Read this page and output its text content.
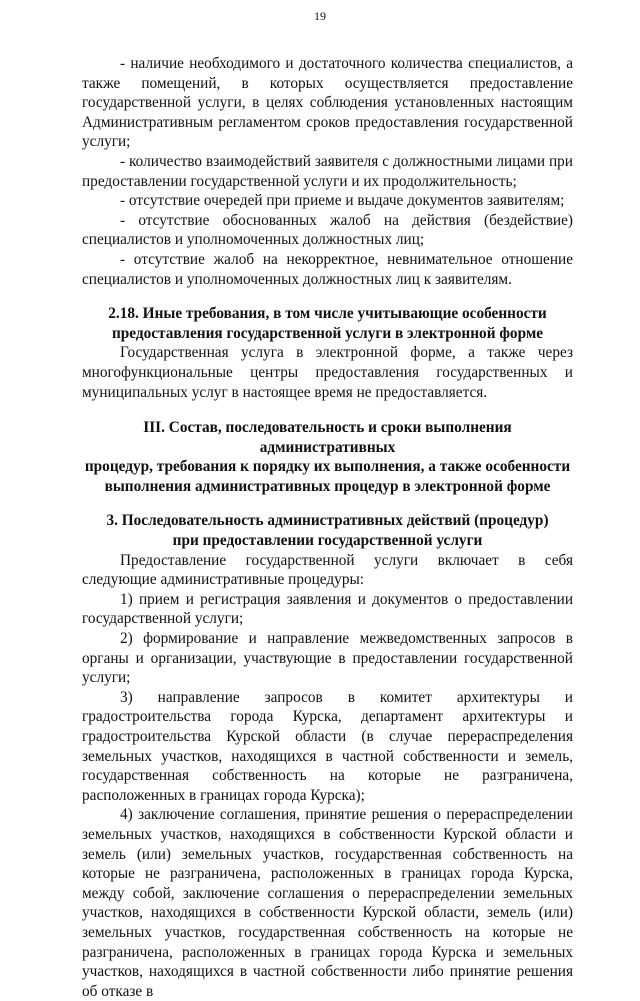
19

- наличие необходимого и достаточного количества специалистов, а также помещений, в которых осуществляется предоставление государственной услуги, в целях соблюдения установленных настоящим Административным регламентом сроков предоставления государственной услуги;

- количество взаимодействий заявителя с должностными лицами при предоставлении государственной услуги и их продолжительность;

- отсутствие очередей при приеме и выдаче документов заявителям;

- отсутствие обоснованных жалоб на действия (бездействие) специалистов и уполномоченных должностных лиц;

- отсутствие жалоб на некорректное, невнимательное отношение специалистов и уполномоченных должностных лиц к заявителям.

2.18. Иные требования, в том числе учитывающие особенности

предоставления государственной услуги в электронной форме

Государственная услуга в электронной форме, а также через многофункциональные центры предоставления государственных и муниципальных услуг в настоящее время не предоставляется.

III. Состав, последовательность и сроки выполнения административных

процедур, требования к порядку их выполнения, а также особенности

выполнения административных процедур в электронной форме

3. Последовательность административных действий (процедур)

при предоставлении государственной услуги

Предоставление государственной услуги включает в себя следующие административные процедуры:

1) прием и регистрация заявления и документов о предоставлении государственной услуги;

2) формирование и направление межведомственных запросов в органы и организации, участвующие в предоставлении государственной услуги;

3) направление запросов в комитет архитектуры и градостроительства города Курска, департамент архитектуры и градостроительства Курской области (в случае перераспределения земельных участков, находящихся в частной собственности и земель, государственная собственность на которые не разграничена, расположенных в границах города Курска);

4) заключение соглашения, принятие решения о перераспределении земельных участков, находящихся в собственности Курской области и земель (или) земельных участков, государственная собственность на которые не разграничена, расположенных в границах города Курска, между собой, заключение соглашения о перераспределении земельных участков, находящихся в собственности Курской области, земель (или) земельных участков, государственная собственность на которые не разграничена, расположенных в границах города Курска и земельных участков, находящихся в частной собственности либо принятие решения об отказе в
